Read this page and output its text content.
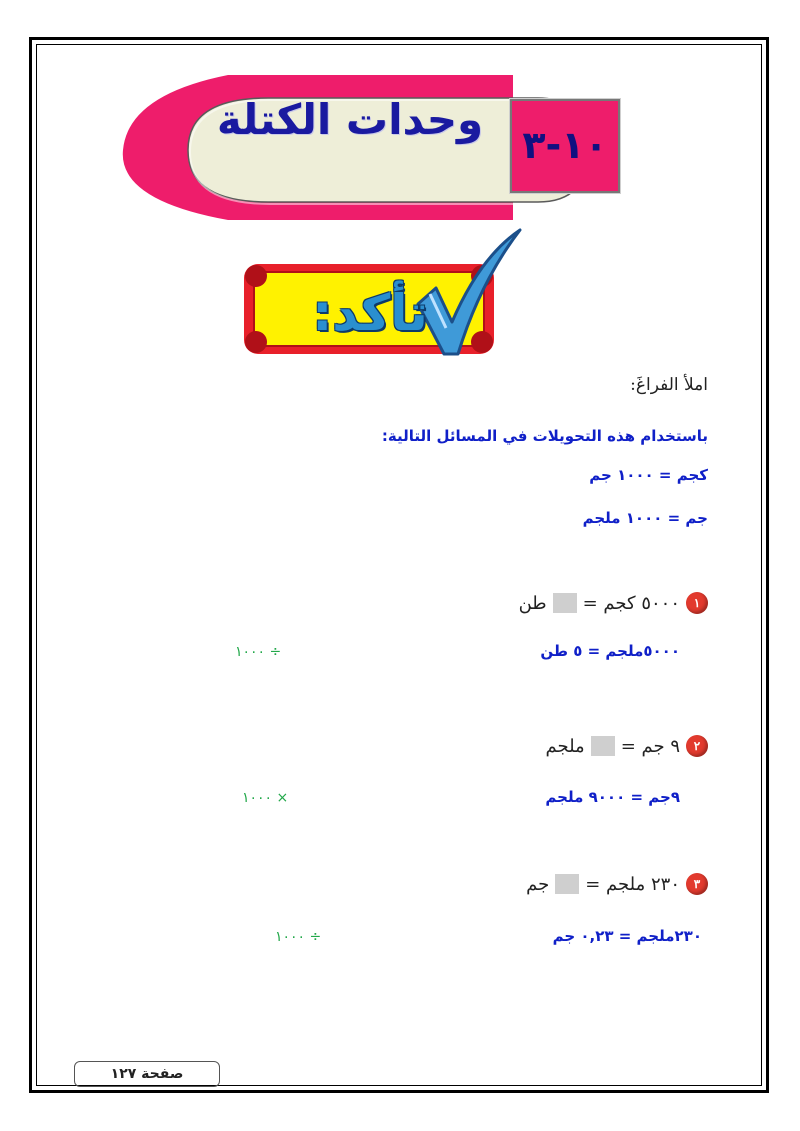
وحدات الكتلة
١٠-٣
تأكد:
املأ الفراغَ:
باستخدام هذه التحويلات في المسائل التالية:
كجم = ١٠٠٠ جم
جم = ١٠٠٠ ملجم
١
٥٠٠٠ كجم =
طن
٥٠٠٠ملجم = ٥ طن
÷ ١٠٠٠
٢
٩ جم =
ملجم
٩جم = ٩٠٠٠ ملجم
× ١٠٠٠
٣
٢٣٠ ملجم =
جم
٢٣٠ملجم = ٠,٢٣ جم
÷ ١٠٠٠
صفحة ١٢٧
